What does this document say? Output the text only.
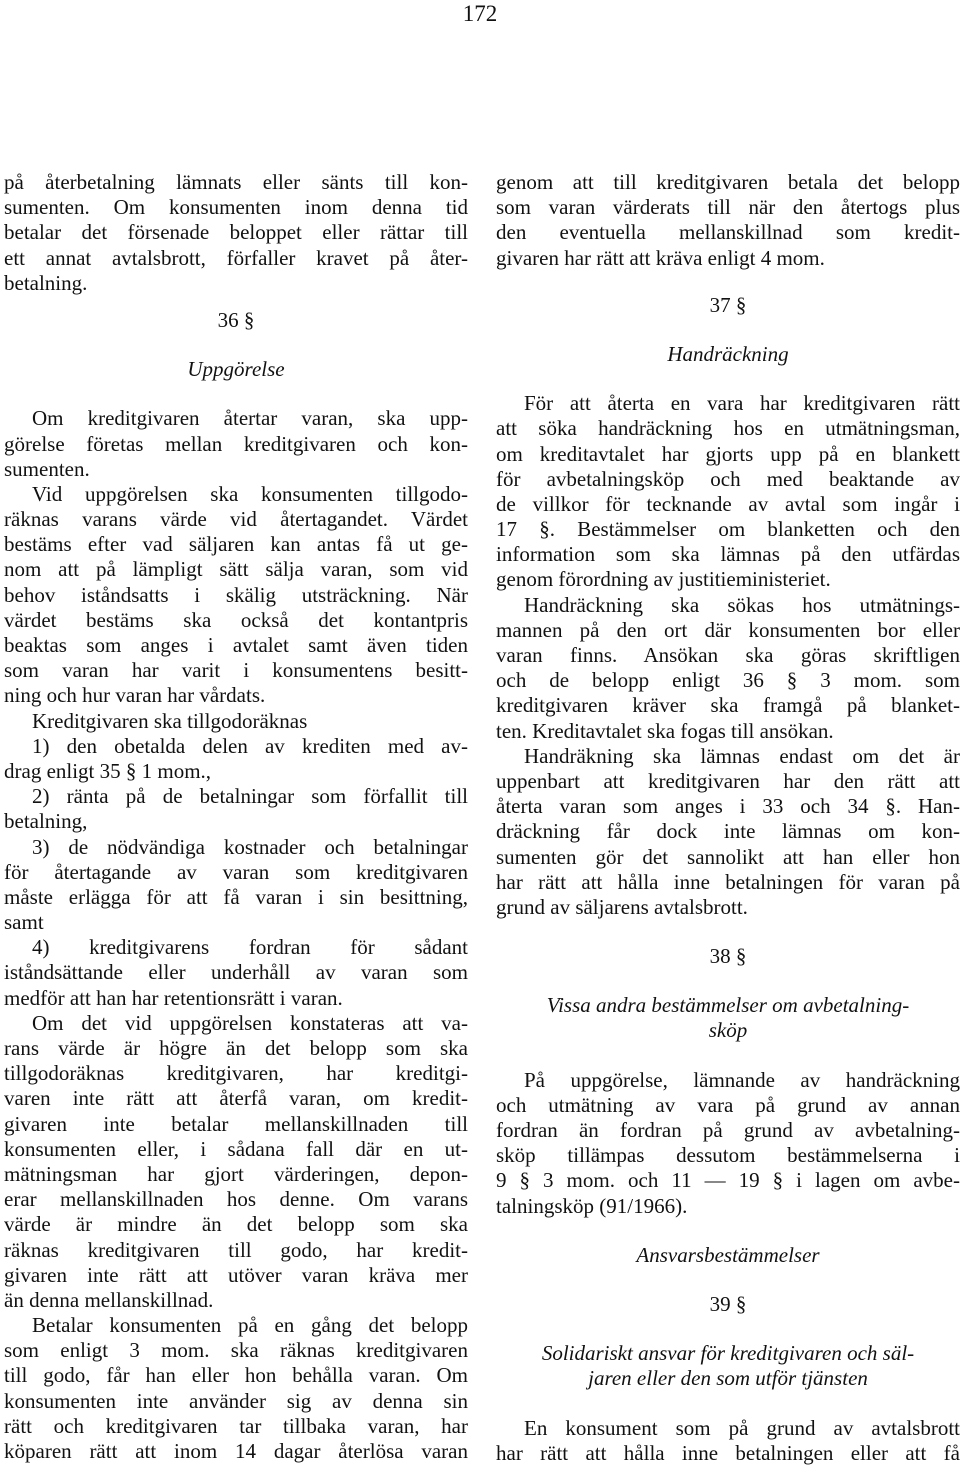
172
på återbetalning lämnats eller sänts till kon-
sumenten. Om konsumenten inom denna tid
betalar det försenade beloppet eller rättar till
ett annat avtalsbrott, förfaller kravet på åter-
betalning.
36 §
Uppgörelse
Om kreditgivaren återtar varan, ska upp-
görelse företas mellan kreditgivaren och kon-
sumenten.
Vid uppgörelsen ska konsumenten tillgodo-
räknas varans värde vid återtagandet. Värdet
bestäms efter vad säljaren kan antas få ut ge-
nom att på lämpligt sätt sälja varan, som vid
behov iståndsatts i skälig utsträckning. När
värdet bestäms ska också det kontantpris
beaktas som anges i avtalet samt även tiden
som varan har varit i konsumentens besitt-
ning och hur varan har vårdats.
Kreditgivaren ska tillgodoräknas
1) den obetalda delen av krediten med av-
drag enligt 35 § 1 mom.,
2) ränta på de betalningar som förfallit till
betalning,
3) de nödvändiga kostnader och betalningar
för återtagande av varan som kreditgivaren
måste erlägga för att få varan i sin besittning,
samt
4) kreditgivarens fordran för sådant
iståndsättande eller underhåll av varan som
medför att han har retentionsrätt i varan.
Om det vid uppgörelsen konstateras att va-
rans värde är högre än det belopp som ska
tillgodoräknas kreditgivaren, har kreditgi-
varen inte rätt att återfå varan, om kredit-
givaren inte betalar mellanskillnaden till
konsumenten eller, i sådana fall där en ut-
mätningsman har gjort värderingen, depon-
erar mellanskillnaden hos denne. Om varans
värde är mindre än det belopp som ska
räknas kreditgivaren till godo, har kredit-
givaren inte rätt att utöver varan kräva mer
än denna mellanskillnad.
Betalar konsumenten på en gång det belopp
som enligt 3 mom. ska räknas kreditgivaren
till godo, får han eller hon behålla varan. Om
konsumenten inte använder sig av denna sin
rätt och kreditgivaren tar tillbaka varan, har
köparen rätt att inom 14 dagar återlösa varan
genom att till kreditgivaren betala det belopp
som varan värderats till när den återtogs plus
den eventuella mellanskillnad som kredit-
givaren har rätt att kräva enligt 4 mom.
37 §
Handräckning
För att återta en vara har kreditgivaren rätt
att söka handräckning hos en utmätningsman,
om kreditavtalet har gjorts upp på en blankett
för avbetalningsköp och med beaktande av
de villkor för tecknande av avtal som ingår i
17 §. Bestämmelser om blanketten och den
information som ska lämnas på den utfärdas
genom förordning av justitieministeriet.
Handräckning ska sökas hos utmätnings-
mannen på den ort där konsumenten bor eller
varan finns. Ansökan ska göras skriftligen
och de belopp enligt 36 § 3 mom. som
kreditgivaren kräver ska framgå på blanket-
ten. Kreditavtalet ska fogas till ansökan.
Handräkning ska lämnas endast om det är
uppenbart att kreditgivaren har den rätt att
återta varan som anges i 33 och 34 §. Han-
dräckning får dock inte lämnas om kon-
sumenten gör det sannolikt att han eller hon
har rätt att hålla inne betalningen för varan på
grund av säljarens avtalsbrott.
38 §
Vissa andra bestämmelser om avbetalning-
sköp
På uppgörelse, lämnande av handräckning
och utmätning av vara på grund av annan
fordran än fordran på grund av avbetalning-
sköp tillämpas dessutom bestämmelserna i
9 § 3 mom. och 11 — 19 § i lagen om avbe-
talningsköp (91/1966).
Ansvarsbestämmelser
39 §
Solidariskt ansvar för kreditgivaren och säl-
jaren eller den som utför tjänsten
En konsument som på grund av avtalsbrott
har rätt att hålla inne betalningen eller att få
